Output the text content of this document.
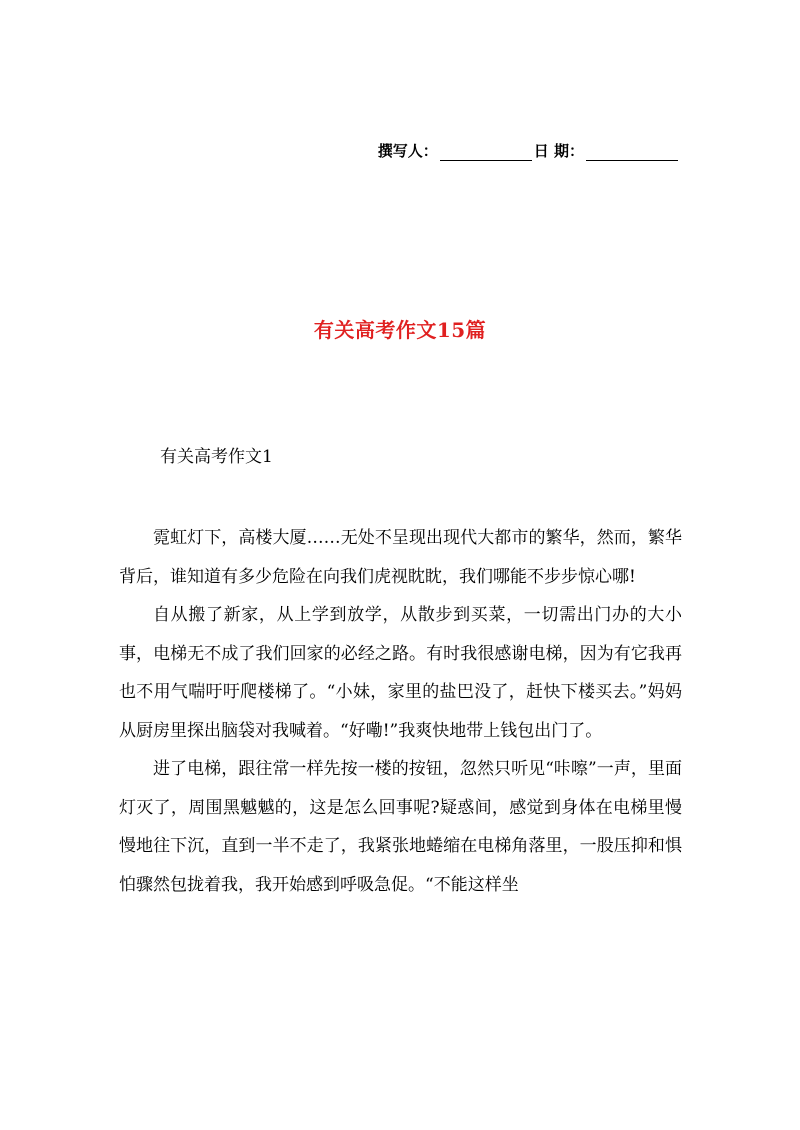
撰写人：	日 期：
有关高考作文15篇
有关高考作文1

霓虹灯下，高楼大厦……无处不呈现出现代大都市的繁华，然而，繁华背后，谁知道有多少危险在向我们虎视眈眈，我们哪能不步步惊心哪!

自从搬了新家，从上学到放学，从散步到买菜，一切需出门办的大小事，电梯无不成了我们回家的必经之路。有时我很感谢电梯，因为有它我再也不用气喘吁吁爬楼梯了。“小妹，家里的盐巴没了，赶快下楼买去。”妈妈从厨房里探出脑袋对我喊着。“好嘞!”我爽快地带上钱包出门了。

进了电梯，跟往常一样先按一楼的按钮，忽然只听见“咔嚓”一声，里面灯灭了，周围黑魆魆的，这是怎么回事呢?疑惑间，感觉到身体在电梯里慢慢地往下沉，直到一半不走了，我紧张地蜷缩在电梯角落里，一股压抑和惧怕骤然包拢着我，我开始感到呼吸急促。“不能这样坐
